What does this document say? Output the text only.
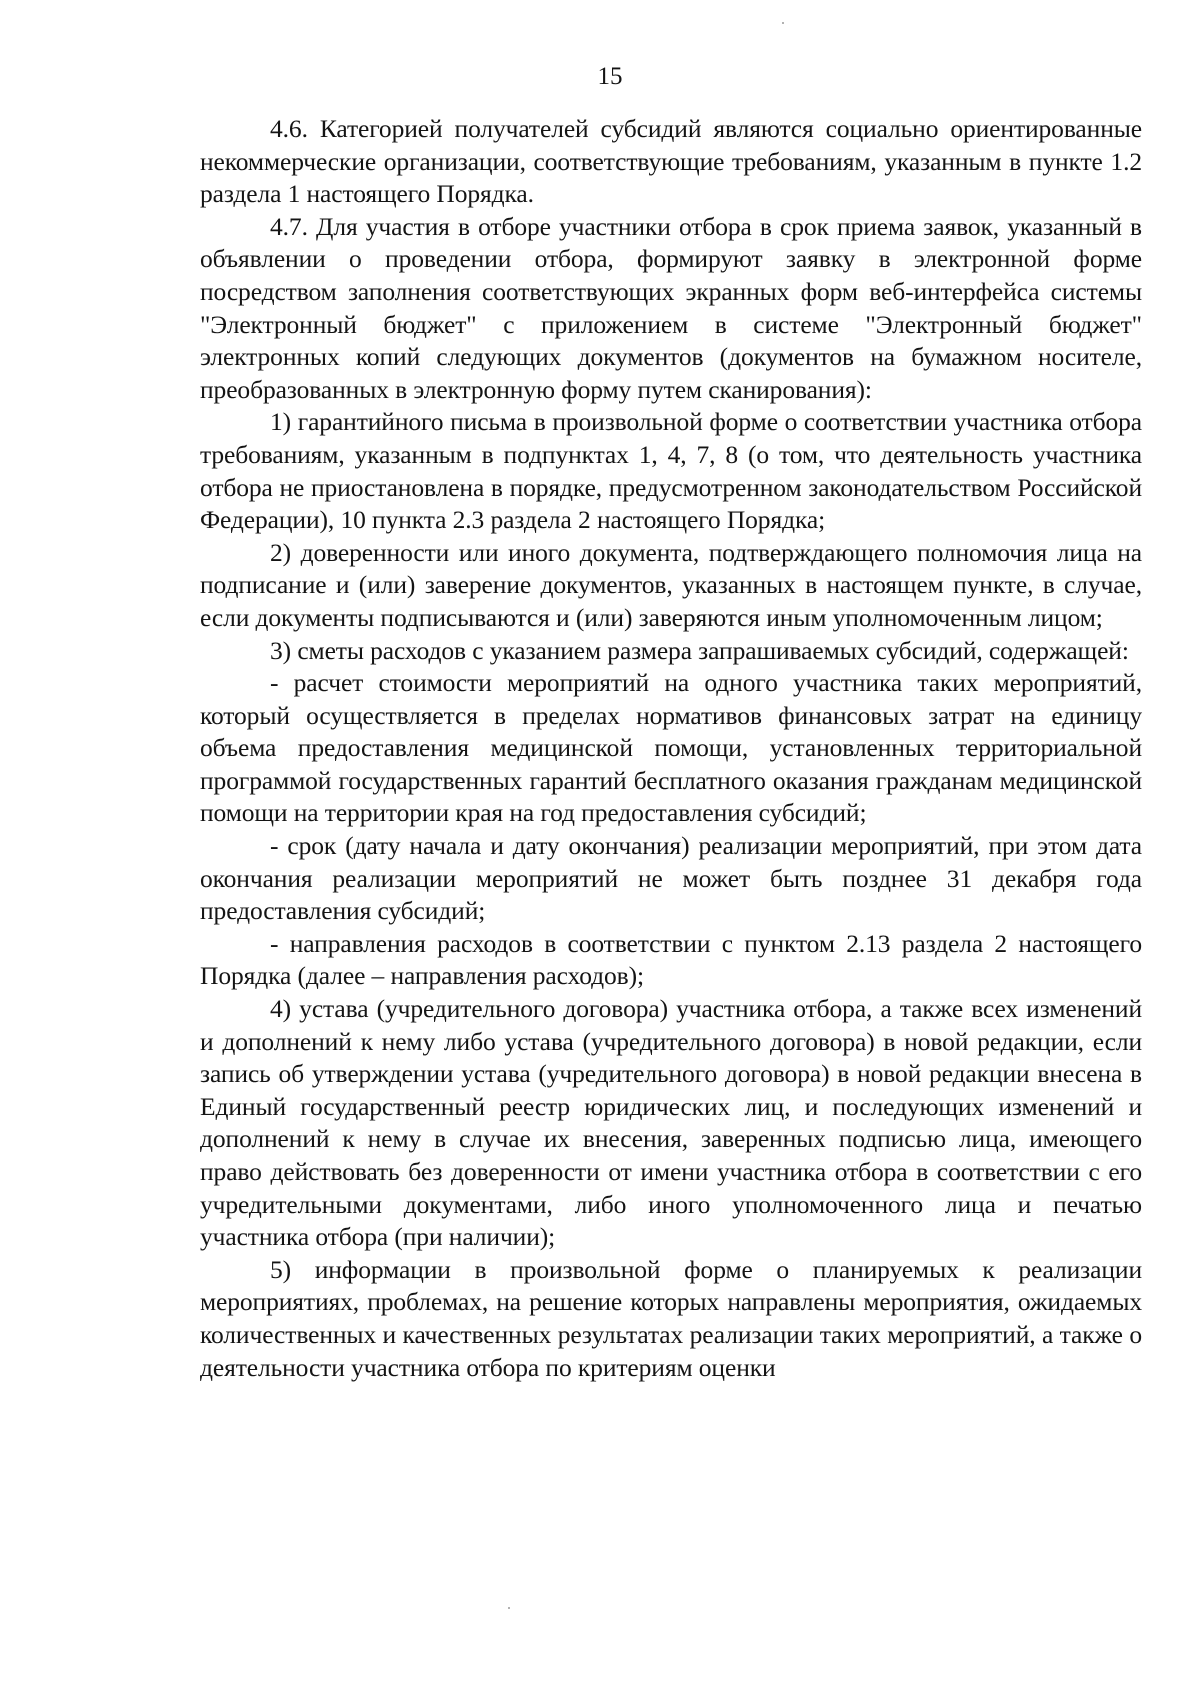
15

4.6. Категорией получателей субсидий являются социально ориентированные некоммерческие организации, соответствующие требованиям, указанным в пункте 1.2 раздела 1 настоящего Порядка.

4.7. Для участия в отборе участники отбора в срок приема заявок, указанный в объявлении о проведении отбора, формируют заявку в электронной форме посредством заполнения соответствующих экранных форм веб-интерфейса системы "Электронный бюджет" с приложением в системе "Электронный бюджет" электронных копий следующих документов (документов на бумажном носителе, преобразованных в электронную форму путем сканирования):

1) гарантийного письма в произвольной форме о соответствии участника отбора требованиям, указанным в подпунктах 1, 4, 7, 8 (о том, что деятельность участника отбора не приостановлена в порядке, предусмотренном законодательством Российской Федерации), 10 пункта 2.3 раздела 2 настоящего Порядка;

2) доверенности или иного документа, подтверждающего полномочия лица на подписание и (или) заверение документов, указанных в настоящем пункте, в случае, если документы подписываются и (или) заверяются иным уполномоченным лицом;

3) сметы расходов с указанием размера запрашиваемых субсидий, содержащей:

- расчет стоимости мероприятий на одного участника таких мероприятий, который осуществляется в пределах нормативов финансовых затрат на единицу объема предоставления медицинской помощи, установленных территориальной программой государственных гарантий бесплатного оказания гражданам медицинской помощи на территории края на год предоставления субсидий;

- срок (дату начала и дату окончания) реализации мероприятий, при этом дата окончания реализации мероприятий не может быть позднее 31 декабря года предоставления субсидий;

- направления расходов в соответствии с пунктом 2.13 раздела 2 настоящего Порядка (далее – направления расходов);

4) устава (учредительного договора) участника отбора, а также всех изменений и дополнений к нему либо устава (учредительного договора) в новой редакции, если запись об утверждении устава (учредительного договора) в новой редакции внесена в Единый государственный реестр юридических лиц, и последующих изменений и дополнений к нему в случае их внесения, заверенных подписью лица, имеющего право действовать без доверенности от имени участника отбора в соответствии с его учредительными документами, либо иного уполномоченного лица и печатью участника отбора (при наличии);

5) информации в произвольной форме о планируемых к реализации мероприятиях, проблемах, на решение которых направлены мероприятия, ожидаемых количественных и качественных результатах реализации таких мероприятий, а также о деятельности участника отбора по критериям оценки
